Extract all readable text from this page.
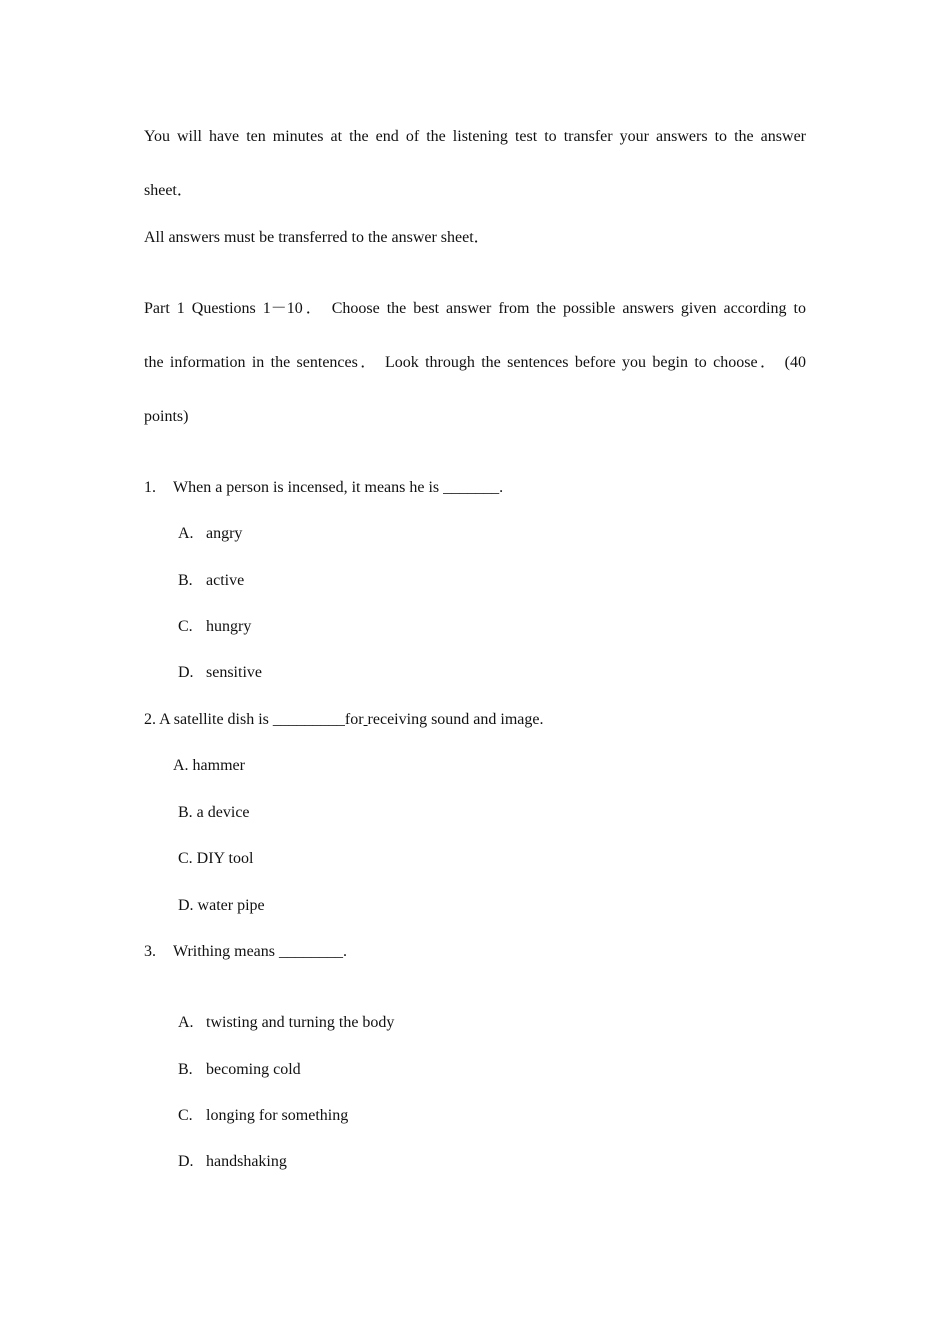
You will have ten minutes at the end of the listening test to transfer your answers to the answer
sheet．
All answers must be transferred to the answer sheet．
Part 1 Questions 1－10． Choose the best answer from the possible answers given according to
the information in the sentences． Look through the sentences before you begin to choose． (40
points)
1. When a person is incensed, it means he is _______.
A. angry
B. active
C. hungry
D. sensitive
2. A satellite dish is _________for receiving sound and image.
A. hammer
B. a device
C. DIY tool
D. water pipe
3. Writhing means ________.
A. twisting and turning the body
B. becoming cold
C. longing for something
D. handshaking
